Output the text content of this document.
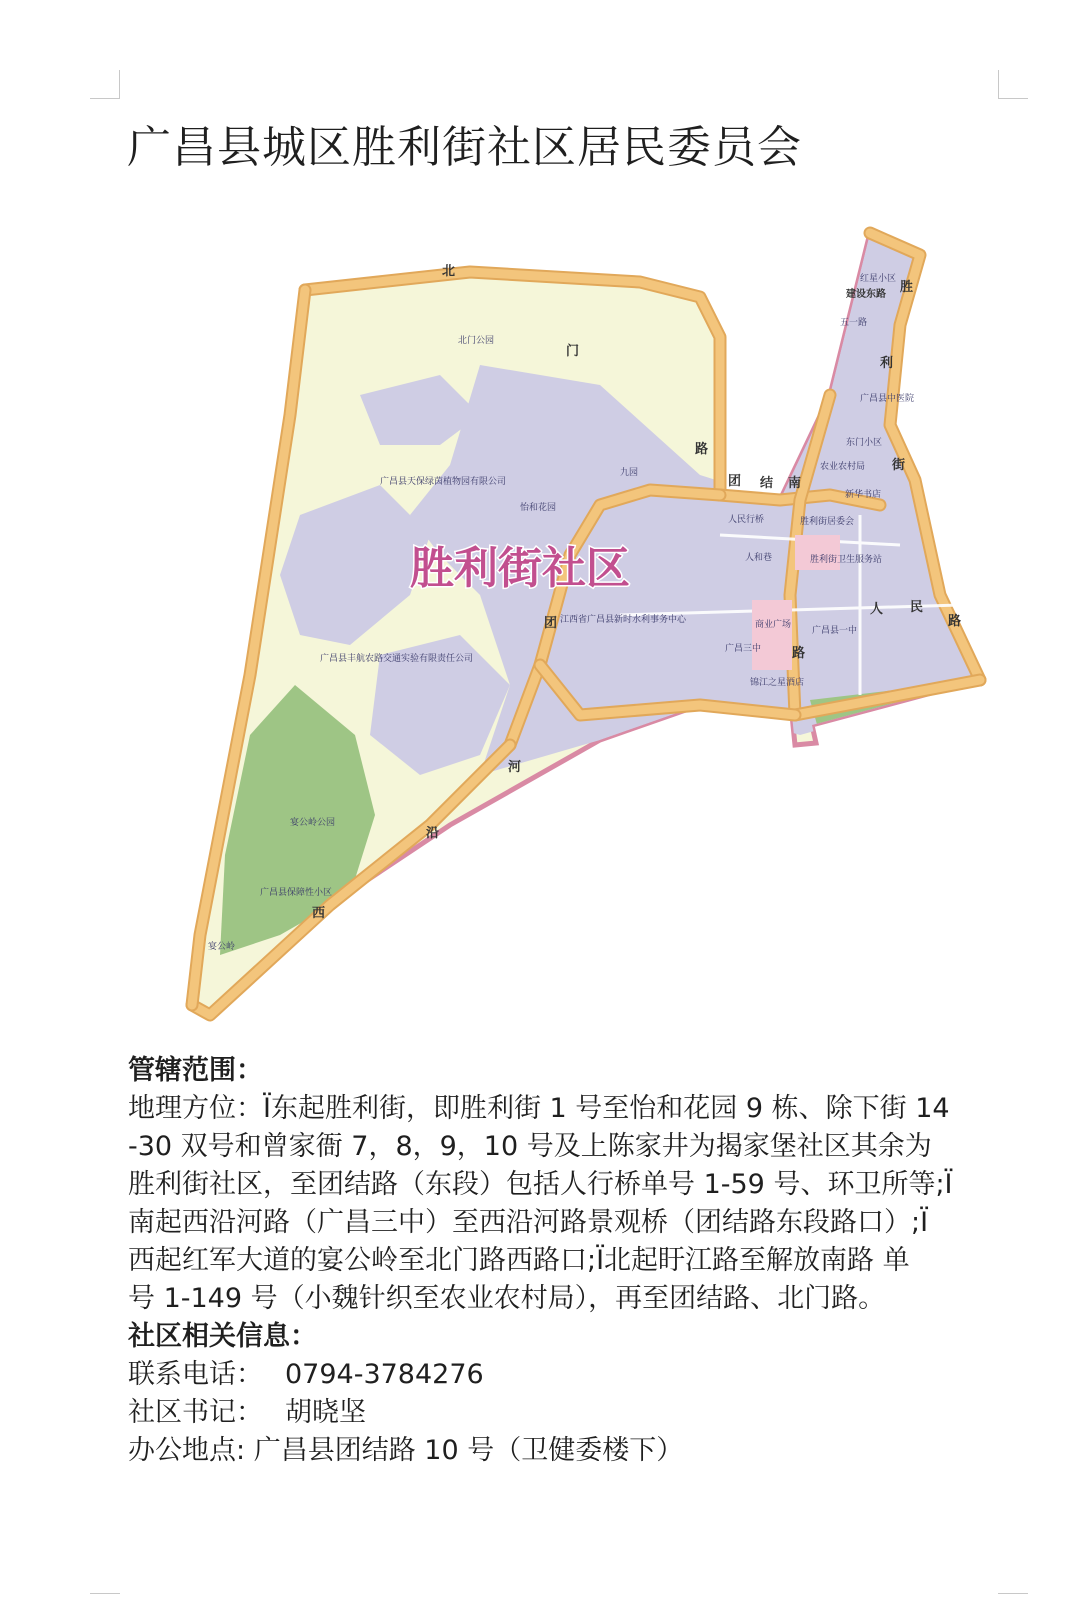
广昌县城区胜利街社区居民委员会
胜利街社区
北
门
路
团 结 南
团
路
河
沿
西
胜
利
街
人 民
路
建设东路
广昌县天保绿茵植物园有限公司
广昌县丰航农路交通实验有限责任公司
北门公园
宴公岭公园
广昌三中
广昌县一中
广昌县保障性小区
江西省广昌县新时水利事务中心
胜利街居委会
胜利街卫生服务站
锦江之星酒店
商业广场
人民行桥
广昌县中医院
红星小区
新华书店
人和巷
五一路
宴公岭
东门小区
农业农村局
九园
怡和花园
管辖范围：
地理方位：Ï东起胜利街，即胜利街 1 号至怡和花园 9 栋、除下街 14
-30 双号和曾家衙 7，8，9，10 号及上陈家井为揭家堡社区其余为
胜利街社区，至团结路（东段）包括人行桥单号 1-59 号、环卫所等;Ï
南起西沿河路（广昌三中）至西沿河路景观桥（团结路东段路口）;Ï
西起红军大道的宴公岭至北门路西路口;Ï北起盱江路至解放南路 单
号 1-149 号（小魏针织至农业农村局），再至团结路、北门路。
社区相关信息：
联系电话： 0794-3784276
社区书记： 胡晓坚
办公地点: 广昌县团结路 10 号（卫健委楼下）
